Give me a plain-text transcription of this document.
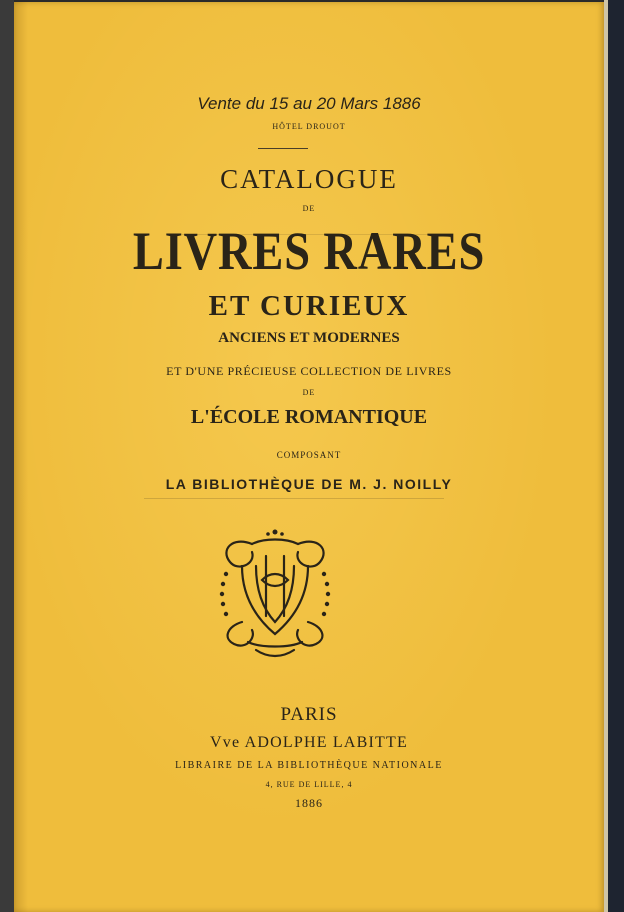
Vente du 15 au 20 Mars 1886
HÔTEL DROUOT
CATALOGUE
DE
LIVRES RARES
ET CURIEUX
ANCIENS ET MODERNES
ET D'UNE PRÉCIEUSE COLLECTION DE LIVRES
DE
L'ÉCOLE ROMANTIQUE
COMPOSANT
LA BIBLIOTHÈQUE DE M. J. NOILLY
PARIS
Vve ADOLPHE LABITTE
LIBRAIRE DE LA BIBLIOTHÈQUE NATIONALE
4, RUE DE LILLE, 4
1886
